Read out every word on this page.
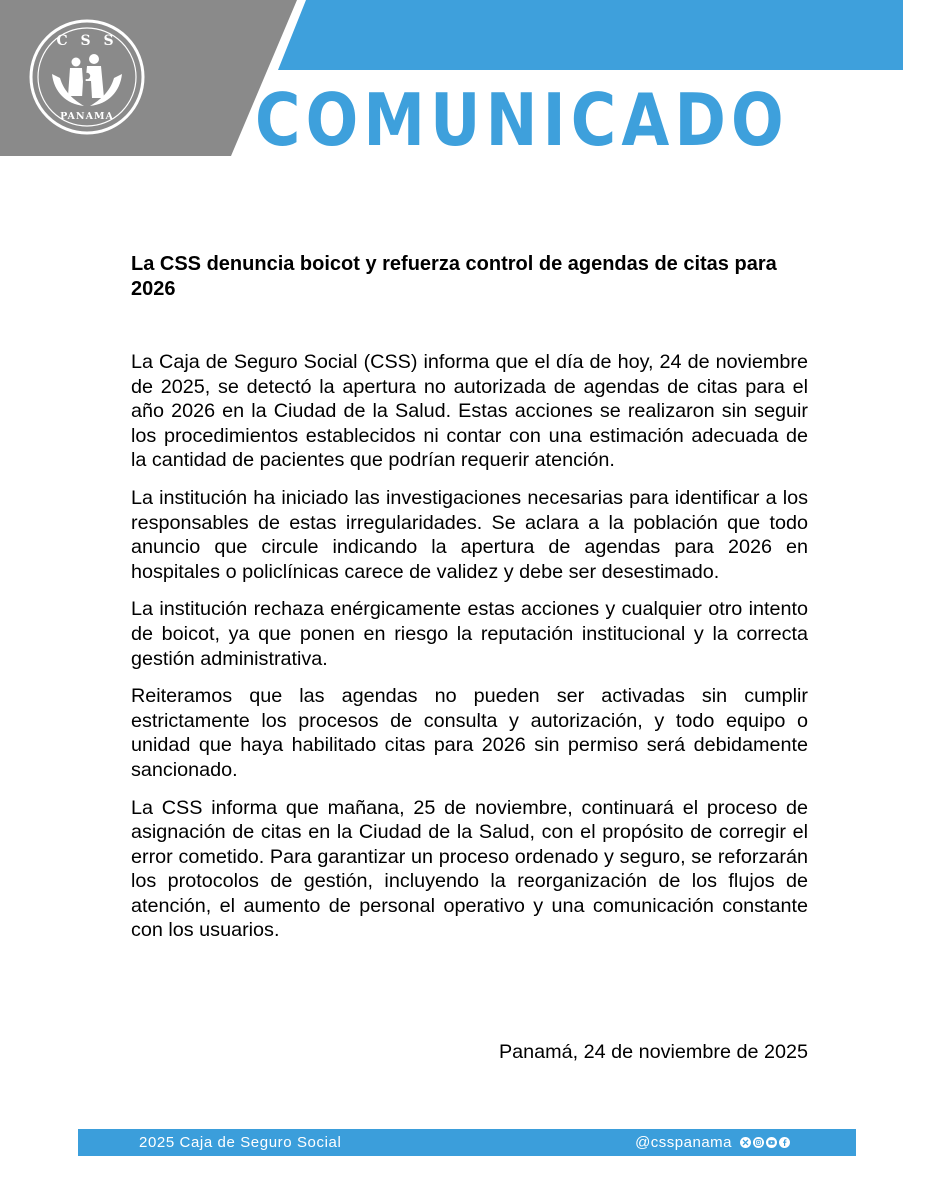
C S S
PANAMA COMUNICADO
La CSS denuncia boicot y refuerza control de agendas de citas para 2026

La Caja de Seguro Social (CSS) informa que el día de hoy, 24 de noviembre de 2025, se detectó la apertura no autorizada de agendas de citas para el año 2026 en la Ciudad de la Salud. Estas acciones se realizaron sin seguir los procedimientos establecidos ni contar con una estimación adecuada de la cantidad de pacientes que podrían requerir atención.

La institución ha iniciado las investigaciones necesarias para identificar a los responsables de estas irregularidades. Se aclara a la población que todo anuncio que circule indicando la apertura de agendas para 2026 en hospitales o policlínicas carece de validez y debe ser desestimado.

La institución rechaza enérgicamente estas acciones y cualquier otro intento de boicot, ya que ponen en riesgo la reputación institucional y la correcta gestión administrativa.

Reiteramos que las agendas no pueden ser activadas sin cumplir estrictamente los procesos de consulta y autorización, y todo equipo o unidad que haya habilitado citas para 2026 sin permiso será debidamente sancionado.

La CSS informa que mañana, 25 de noviembre, continuará el proceso de asignación de citas en la Ciudad de la Salud, con el propósito de corregir el error cometido. Para garantizar un proceso ordenado y seguro, se reforzarán los protocolos de gestión, incluyendo la reorganización de los flujos de atención, el aumento de personal operativo y una comunicación constante con los usuarios.

Panamá, 24 de noviembre de 2025
2025 Caja de Seguro Social	@csspanama
